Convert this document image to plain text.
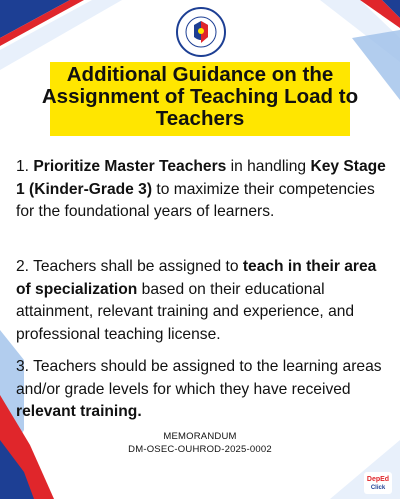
Additional Guidance on the
Assignment of Teaching Load to
Teachers
1. Prioritize Master Teachers in handling Key Stage 1 (Kinder-Grade 3) to maximize their competencies for the foundational years of learners.
2. Teachers shall be assigned to teach in their area of specialization based on their educational attainment, relevant training and experience, and professional teaching license.
3. Teachers should be assigned to the learning areas and/or grade levels for which they have received relevant training.
MEMORANDUM
DM-OSEC-OUHROD-2025-0002
DepEd
Click
